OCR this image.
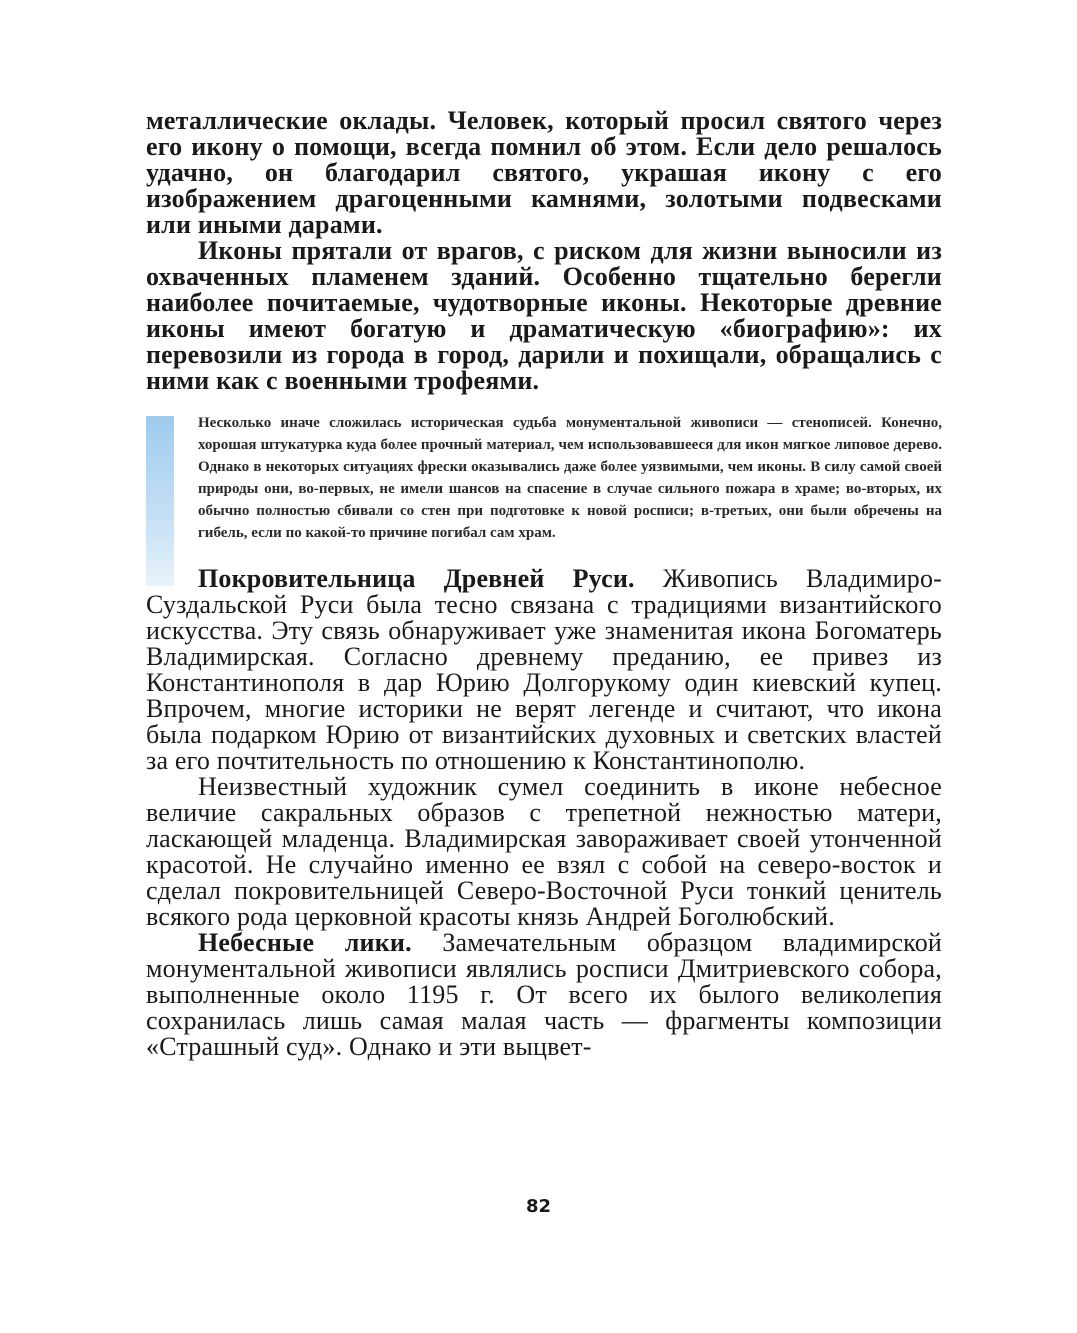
металлические оклады. Человек, который просил святого через его икону о помощи, всегда помнил об этом. Если дело решалось удачно, он благодарил святого, украшая икону с его изображением драгоценными камнями, золотыми подвесками или иными дарами.

Иконы прятали от врагов, с риском для жизни выносили из охваченных пламенем зданий. Особенно тщательно берегли наиболее почитаемые, чудотворные иконы. Некоторые древние иконы имеют богатую и драматическую «биографию»: их перевозили из города в город, дарили и похищали, обращались с ними как с военными трофеями.

Несколько иначе сложилась историческая судьба монументальной живописи — стенописей. Конечно, хорошая штукатурка куда более прочный материал, чем использовавшееся для икон мягкое липовое дерево. Однако в некоторых ситуациях фрески оказывались даже более уязвимыми, чем иконы. В силу самой своей природы они, во-первых, не имели шансов на спасение в случае сильного пожара в храме; во-вторых, их обычно полностью сбивали со стен при подготовке к новой росписи; в-третьих, они были обречены на гибель, если по какой-то причине погибал сам храм.

Покровительница Древней Руси. Живопись Владимиро-Суздальской Руси была тесно связана с традициями византийского искусства. Эту связь обнаруживает уже знаменитая икона Богоматерь Владимирская. Согласно древнему преданию, ее привез из Константинополя в дар Юрию Долгорукому один киевский купец. Впрочем, многие историки не верят легенде и считают, что икона была подарком Юрию от византийских духовных и светских властей за его почтительность по отношению к Константинополю.

Неизвестный художник сумел соединить в иконе небесное величие сакральных образов с трепетной нежностью матери, ласкающей младенца. Владимирская завораживает своей утонченной красотой. Не случайно именно ее взял с собой на северо-восток и сделал покровительницей Северо-Восточной Руси тонкий ценитель всякого рода церковной красоты князь Андрей Боголюбский.

Небесные лики. Замечательным образцом владимирской монументальной живописи являлись росписи Дмитриевского собора, выполненные около 1195 г. От всего их былого великолепия сохранилась лишь самая малая часть — фрагменты композиции «Страшный суд». Однако и эти выцвет-

82
